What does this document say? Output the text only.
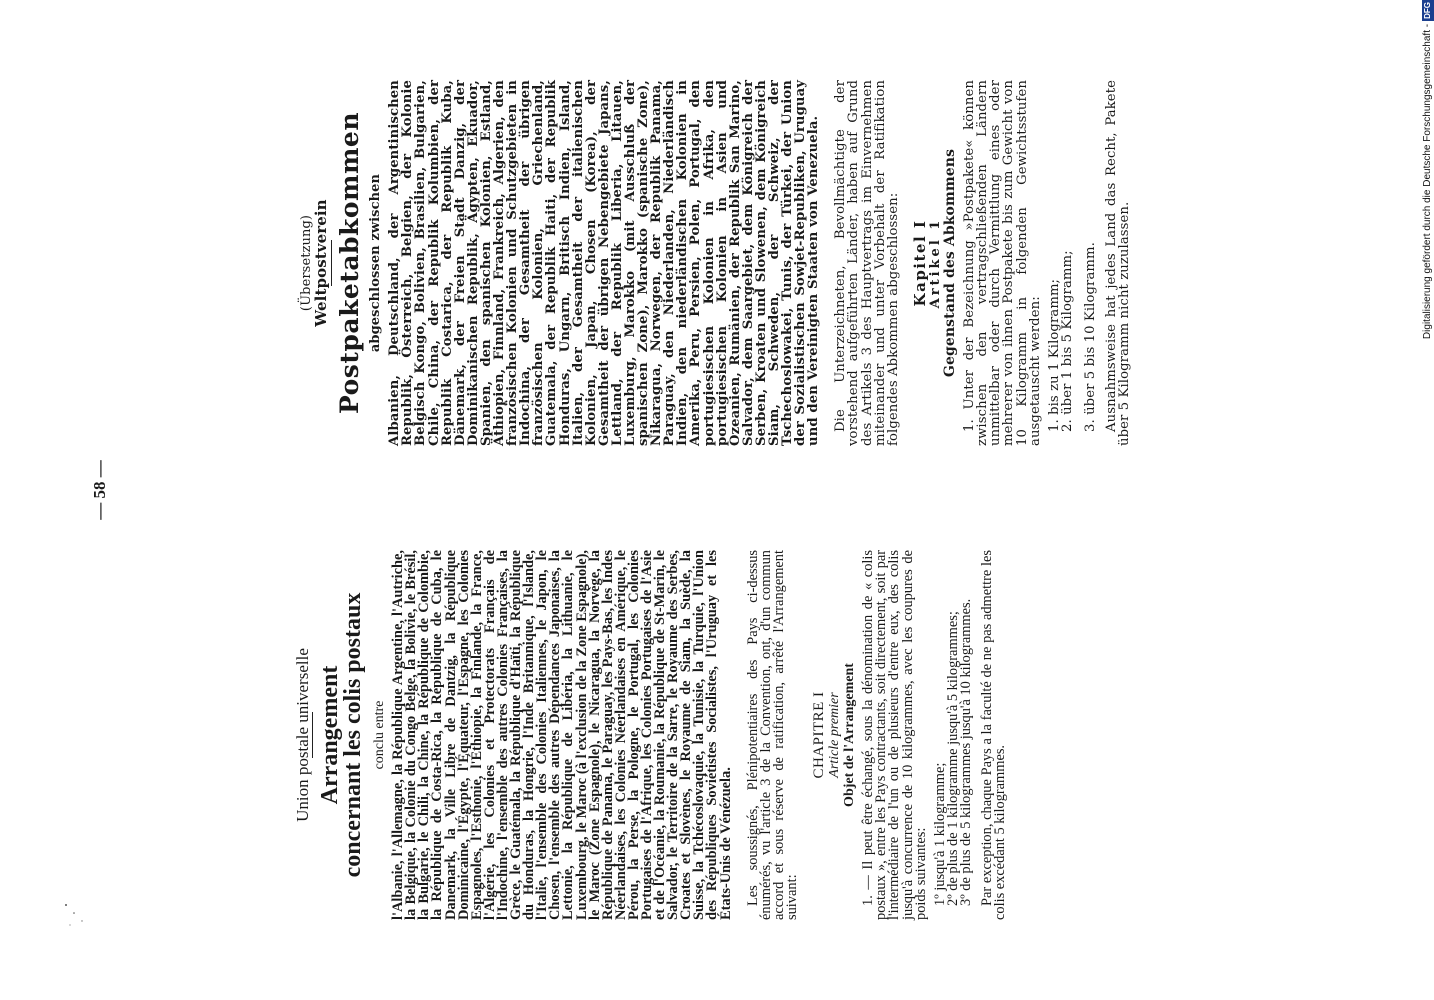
— 58 —
Union postale universelle Arrangement
concernant les colis postaux conclu entre l'Albanie, l'Allemagne, la République Argentine, l'Autriche, la Belgique, la Colonie du Congo Belge, la Bolivie, le Brésil, la Bulgarie, le Chili, la Chine, la République de Colombie, la République de Costa-Rica, la République de Cuba, le Danemark, la Ville Libre de Dantzig, la République Dominicaine, l'Égypte, l'Équateur, l'Espagne, les Colonies Espagnoles, l'Esthonie, l'Éthiopie, la Finlande, la France, l'Algérie, les Colonies et Protectorats Français de l'Indochine, l'ensemble des autres Colonies Françaises, la Grèce, le Guatémala, la République d'Haïti, la République du Honduras, la Hongrie, l'Inde Britannique, l'Islande, l'Italie, l'ensemble des Colonies Italiennes, le Japon, le Chosen, l'ensemble des autres Dépendances Japonaises, la Lettonie, la République de Libéria, la Lithuanie, le Luxembourg, le Maroc (à l'exclusion de la Zone Espagnole), le Maroc (Zone Espagnole), le Nicaragua, la Norvège, la République de Panama, le Paraguay, les Pays-Bas, les Indes Néerlandaises, les Colonies Néerlandaises en Amérique, le Pérou, la Perse, la Pologne, le Portugal, les Colonies Portugaises de l'Afrique, les Colonies Portugaises de l'Asie et de l'Océanie, la Roumanie, la République de St-Marin, le Salvador, le Territoire de la Sarre, le Royaume des Serbes, Croates et Slovènes, le Royaume de Siam, la Suède, la Suisse, la Tchécoslovaquie, la Tunisie, la Turquie, l'Union des Républiques Soviétistes Socialistes, l'Uruguay et les États-Unis de Vénézuela. Les soussignés, Plénipotentiaires des Pays ci-dessus énumérés, vu l'article 3 de la Convention, ont, d'un commun accord et sous réserve de ratification, arrêté l'Arrangement suivant:
CHAPITRE I Article premier Objet de l'Arrangement 1. — Il peut être échangé, sous la dénomination de « colis postaux », entre les Pays contractants, soit directement, soit par l'intermédiaire de l'un ou de plusieurs d'entre eux, des colis jusqu'à concurrence de 10 kilogrammes, avec les coupures de poids suivantes: 1º jusqu'à 1 kilogramme;
2º de plus de 1 kilogramme jusqu'à 5 kilogrammes;
3º de plus de 5 kilogrammes jusqu'à 10 kilogrammes. Par exception, chaque Pays a la faculté de ne pas admettre les colis excédant 5 kilogrammes.
(Übersetzung)
Weltpostverein Postpaketabkommen abgeschlossen zwischen Albanien, Deutschland, der Argentinischen Republik, Österreich, Belgien, der Kolonie Belgisch Kongo, Bolivien, Brasilien, Bulgarien, Chile, China, der Republik Kolumbien, der Republik Costarica, der Republik Kuba, Dänemark, der Freien Stadt Danzig, der Dominikanischen Republik, Ägypten, Ekuador, Spanien, den spanischen Kolonien, Estland, Äthiopien, Finnland, Frankreich, Algerien, den französischen Kolonien und Schutzgebieten in Indochina, der Gesamtheit der übrigen französischen Kolonien, Griechenland, Guatemala, der Republik Haiti, der Republik Honduras, Ungarn, Britisch Indien, Island, Italien, der Gesamtheit der italienischen Kolonien, Japan, Chosen (Korea), der Gesamtheit der übrigen Nebengebiete Japans, Lettland, der Republik Liberia, Litauen, Luxemburg, Marokko (mit Ausschluß der spanischen Zone), Marokko (spanische Zone), Nikaragua, Norwegen, der Republik Panama, Paraguay, den Niederlanden, Niederländisch Indien, den niederländischen Kolonien in Amerika, Peru, Persien, Polen, Portugal, den portugiesischen Kolonien in Afrika, den portugiesischen Kolonien in Asien und Ozeanien, Rumänien, der Republik San Marino, Salvador, dem Saargebiet, dem Königreich der Serben, Kroaten und Slowenen, dem Königreich Siam, Schweden, der Schweiz, der Tschechoslowakei, Tunis, der Türkei, der Union der Sozialistischen Sowjet-Republiken, Uruguay und den Vereinigten Staaten von Venezuela. Die Unterzeichneten, Bevollmächtigte der vorstehend aufgeführten Länder, haben auf Grund des Artikels 3 des Hauptvertrags im Einvernehmen miteinander und unter Vorbehalt der Ratifikation folgendes Abkommen abgeschlossen: Kapitel I Artikel 1 Gegenstand des Abkommens 1. Unter der Bezeichnung »Postpakete« können zwischen den vertragschließenden Ländern unmittelbar oder durch Vermittlung eines oder mehrerer von ihnen Postpakete bis zum Gewicht von 10 Kilogramm in folgenden Gewichtsstufen ausgetauscht werden: 1. bis zu 1 Kilogramm;
2. über 1 bis 5 Kilogramm; 3. über 5 bis 10 Kilogramm. Ausnahmsweise hat jedes Land das Recht, Pakete über 5 Kilogramm nicht zuzulassen.	Digitalisierung gefördert durch die Deutsche Forschungsgemeinschaft -DFG
